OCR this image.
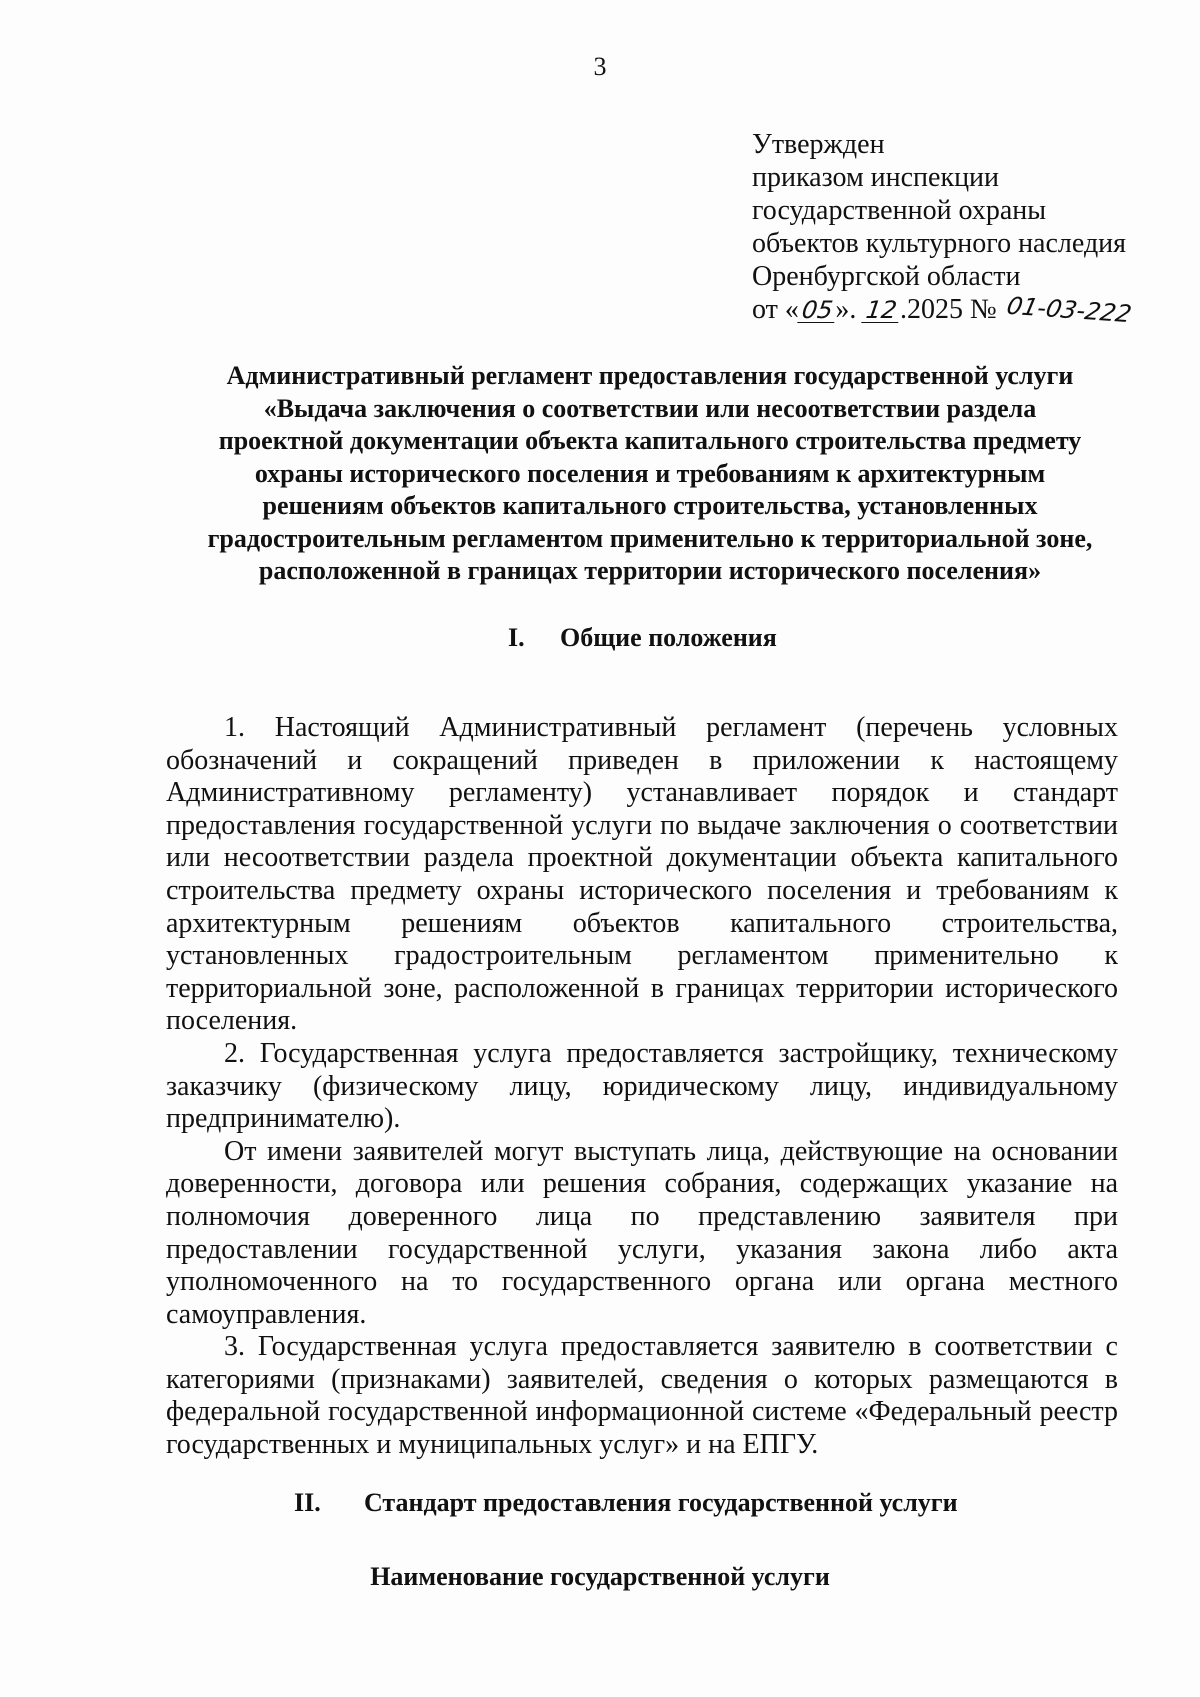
3
Утвержден
приказом инспекции
государственной охраны
объектов культурного наследия
Оренбургской области
от «05». 12.2025 № 01-03-222
Административный регламент предоставления государственной услуги
«Выдача заключения о соответствии или несоответствии раздела
проектной документации объекта капитального строительства предмету
охраны исторического поселения и требованиям к архитектурным
решениям объектов капитального строительства, установленных
градостроительным регламентом применительно к территориальной зоне,
расположенной в границах территории исторического поселения»
I. Общие положения

1. Настоящий Административный регламент (перечень условных обозначений и сокращений приведен в приложении к настоящему Административному регламенту) устанавливает порядок и стандарт предоставления государственной услуги по выдаче заключения о соответствии или несоответствии раздела проектной документации объекта капитального строительства предмету охраны исторического поселения и требованиям к архитектурным решениям объектов капитального строительства, установленных градостроительным регламентом применительно к территориальной зоне, расположенной в границах территории исторического поселения.

2. Государственная услуга предоставляется застройщику, техническому заказчику (физическому лицу, юридическому лицу, индивидуальному предпринимателю).

От имени заявителей могут выступать лица, действующие на основании доверенности, договора или решения собрания, содержащих указание на полномочия доверенного лица по представлению заявителя при предоставлении государственной услуги, указания закона либо акта уполномоченного на то государственного органа или органа местного самоуправления.

3. Государственная услуга предоставляется заявителю в соответствии с категориями (признаками) заявителей, сведения о которых размещаются в федеральной государственной информационной системе «Федеральный реестр государственных и муниципальных услуг» и на ЕПГУ.

II. Стандарт предоставления государственной услуги
Наименование государственной услуги
